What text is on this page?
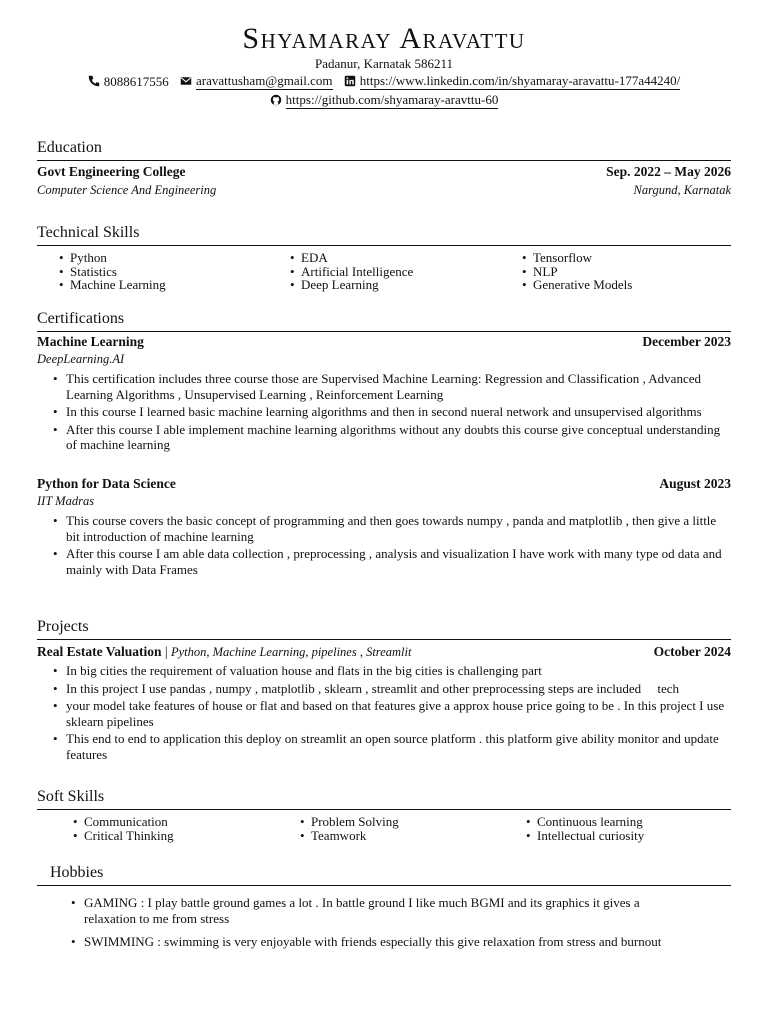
Shyamaray Aravattu
Padanur, Karnatak 586211
8088617556
aravattusham@gmail.com
https://www.linkedin.com/in/shyamaray-aravattu-177a44240/

https://github.com/shyamaray-aravttu-60
Education
Govt Engineering College	Sep. 2022 – May 2026
Computer Science And Engineering	Nargund, Karnatak
Technical Skills
• Python
• Statistics
• Machine Learning
• EDA
• Artificial Intelligence
• Deep Learning
• Tensorflow
• NLP
• Generative Models
Certifications
Machine Learning	December 2023
DeepLearning.AI
• This certification includes three course those are Supervised Machine Learning: Regression and Classification , Advanced Learning Algorithms , Unsupervised Learning , Reinforcement Learning
• In this course I learned basic machine learning algorithms and then in second nueral network and unsupervised algorithms
• After this course I able implement machine learning algorithms without any doubts this course give conceptual understanding of machine learning
Python for Data Science	August 2023
IIT Madras
• This course covers the basic concept of programming and then goes towards numpy , panda and matplotlib , then give a little bit introduction of machine learning
• After this course I am able data collection , preprocessing , analysis and visualization I have work with many type od data and mainly with Data Frames
Projects
Real Estate Valuation | Python, Machine Learning, pipelines , Streamlit	October 2024
• In big cities the requirement of valuation house and flats in the big cities is challenging part
• In this project I use pandas , numpy , matplotlib , sklearn , streamlit and other preprocessing steps are included     tech
• your model take features of house or flat and based on that features give a approx house price going to be . In this project I use sklearn pipelines
• This end to end to application this deploy on streamlit an open source platform . this platform give ability monitor and update features
Soft Skills
• Communication
• Critical Thinking
• Problem Solving
• Teamwork
• Continuous learning
• Intellectual curiosity
Hobbies
• GAMING : I play battle ground games a lot . In battle ground I like much BGMI and its graphics it gives a relaxation to me from stress
• SWIMMING : swimming is very enjoyable with friends especially this give relaxation from stress and burnout
